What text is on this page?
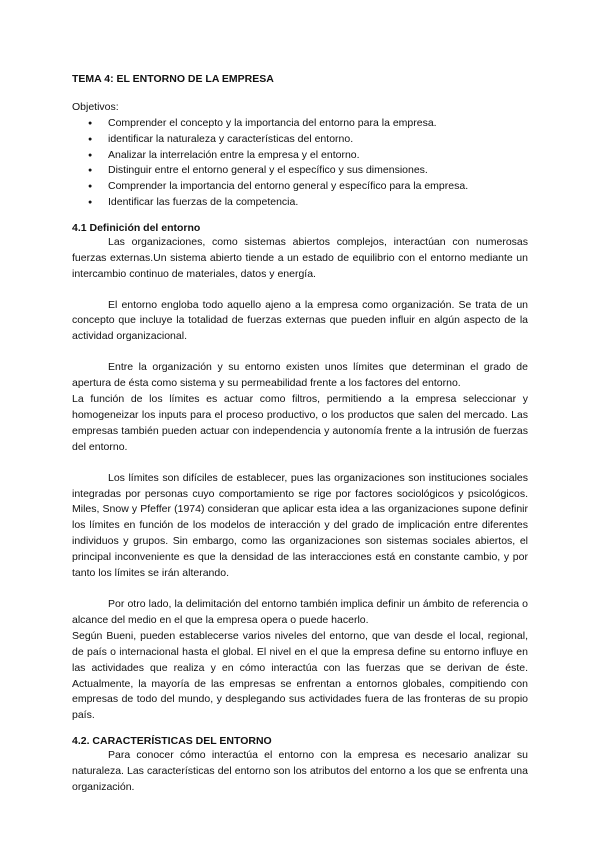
TEMA 4: EL ENTORNO DE LA EMPRESA
Objetivos:
● Comprender el concepto y la importancia del entorno para la empresa.
● identificar la naturaleza y características del entorno.
● Analizar la interrelación entre la empresa y el entorno.
● Distinguir entre el entorno general y el específico y sus dimensiones.
● Comprender la importancia del entorno general y específico para la empresa.
● Identificar las fuerzas de la competencia.
4.1 Definición del entorno

Las organizaciones, como sistemas abiertos complejos, interactúan con numerosas fuerzas externas.Un sistema abierto tiende a un estado de equilibrio con el entorno mediante un intercambio continuo de materiales, datos y energía.

El entorno engloba todo aquello ajeno a la empresa como organización. Se trata de un concepto que incluye la totalidad de fuerzas externas que pueden influir en algún aspecto de la actividad organizacional.

Entre la organización y su entorno existen unos límites que determinan el grado de apertura de ésta como sistema y su permeabilidad frente a los factores del entorno.

La función de los límites es actuar como filtros, permitiendo a la empresa seleccionar y homogeneizar los inputs para el proceso productivo, o los productos que salen del mercado. Las empresas también pueden actuar con independencia y autonomía frente a la intrusión de fuerzas del entorno.

Los límites son difíciles de establecer, pues las organizaciones son instituciones sociales integradas por personas cuyo comportamiento se rige por factores sociológicos y psicológicos. Miles, Snow y Pfeffer (1974) consideran que aplicar esta idea a las organizaciones supone definir los límites en función de los modelos de interacción y del grado de implicación entre diferentes individuos y grupos. Sin embargo, como las organizaciones son sistemas sociales abiertos, el principal inconveniente es que la densidad de las interacciones está en constante cambio, y por tanto los límites se irán alterando.

Por otro lado, la delimitación del entorno también implica definir un ámbito de referencia o alcance del medio en el que la empresa opera o puede hacerlo.

Según Bueni, pueden establecerse varios niveles del entorno, que van desde el local, regional, de país o internacional hasta el global. El nivel en el que la empresa define su entorno influye en las actividades que realiza y en cómo interactúa con las fuerzas que se derivan de éste. Actualmente, la mayoría de las empresas se enfrentan a entornos globales, compitiendo con empresas de todo del mundo, y desplegando sus actividades fuera de las fronteras de su propio país.

4.2. CARACTERÍSTICAS DEL ENTORNO

Para conocer cómo interactúa el entorno con la empresa es necesario analizar su naturaleza. Las características del entorno son los atributos del entorno a los que se enfrenta una organización.
